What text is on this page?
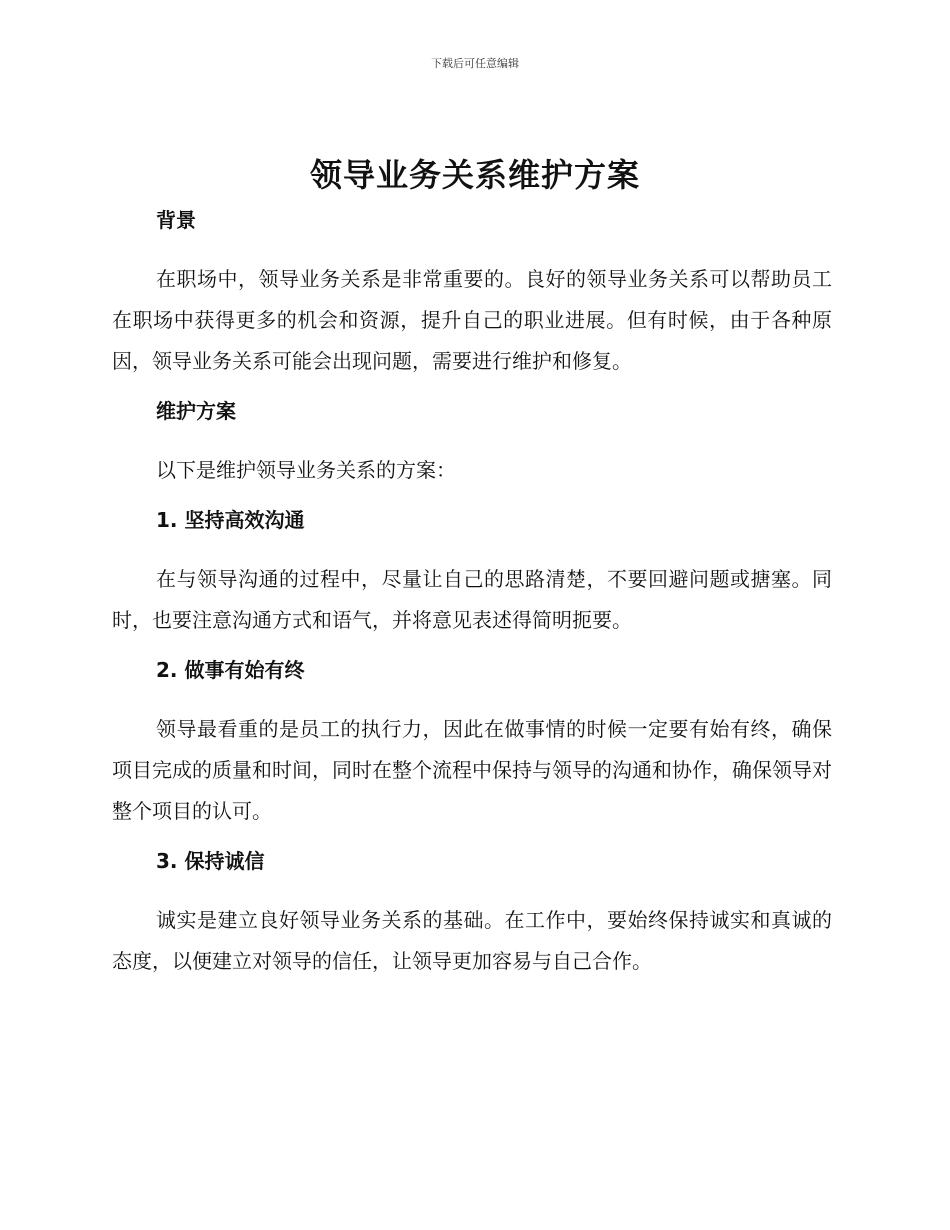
下载后可任意编辑
领导业务关系维护方案
背景

在职场中，领导业务关系是非常重要的。良好的领导业务关系可以帮助员工在职场中获得更多的机会和资源，提升自己的职业进展。但有时候，由于各种原因，领导业务关系可能会出现问题，需要进行维护和修复。

维护方案

以下是维护领导业务关系的方案：

1. 坚持高效沟通

在与领导沟通的过程中，尽量让自己的思路清楚，不要回避问题或搪塞。同时，也要注意沟通方式和语气，并将意见表述得简明扼要。

2. 做事有始有终

领导最看重的是员工的执行力，因此在做事情的时候一定要有始有终，确保项目完成的质量和时间，同时在整个流程中保持与领导的沟通和协作，确保领导对整个项目的认可。

3. 保持诚信

诚实是建立良好领导业务关系的基础。在工作中，要始终保持诚实和真诚的态度，以便建立对领导的信任，让领导更加容易与自己合作。
